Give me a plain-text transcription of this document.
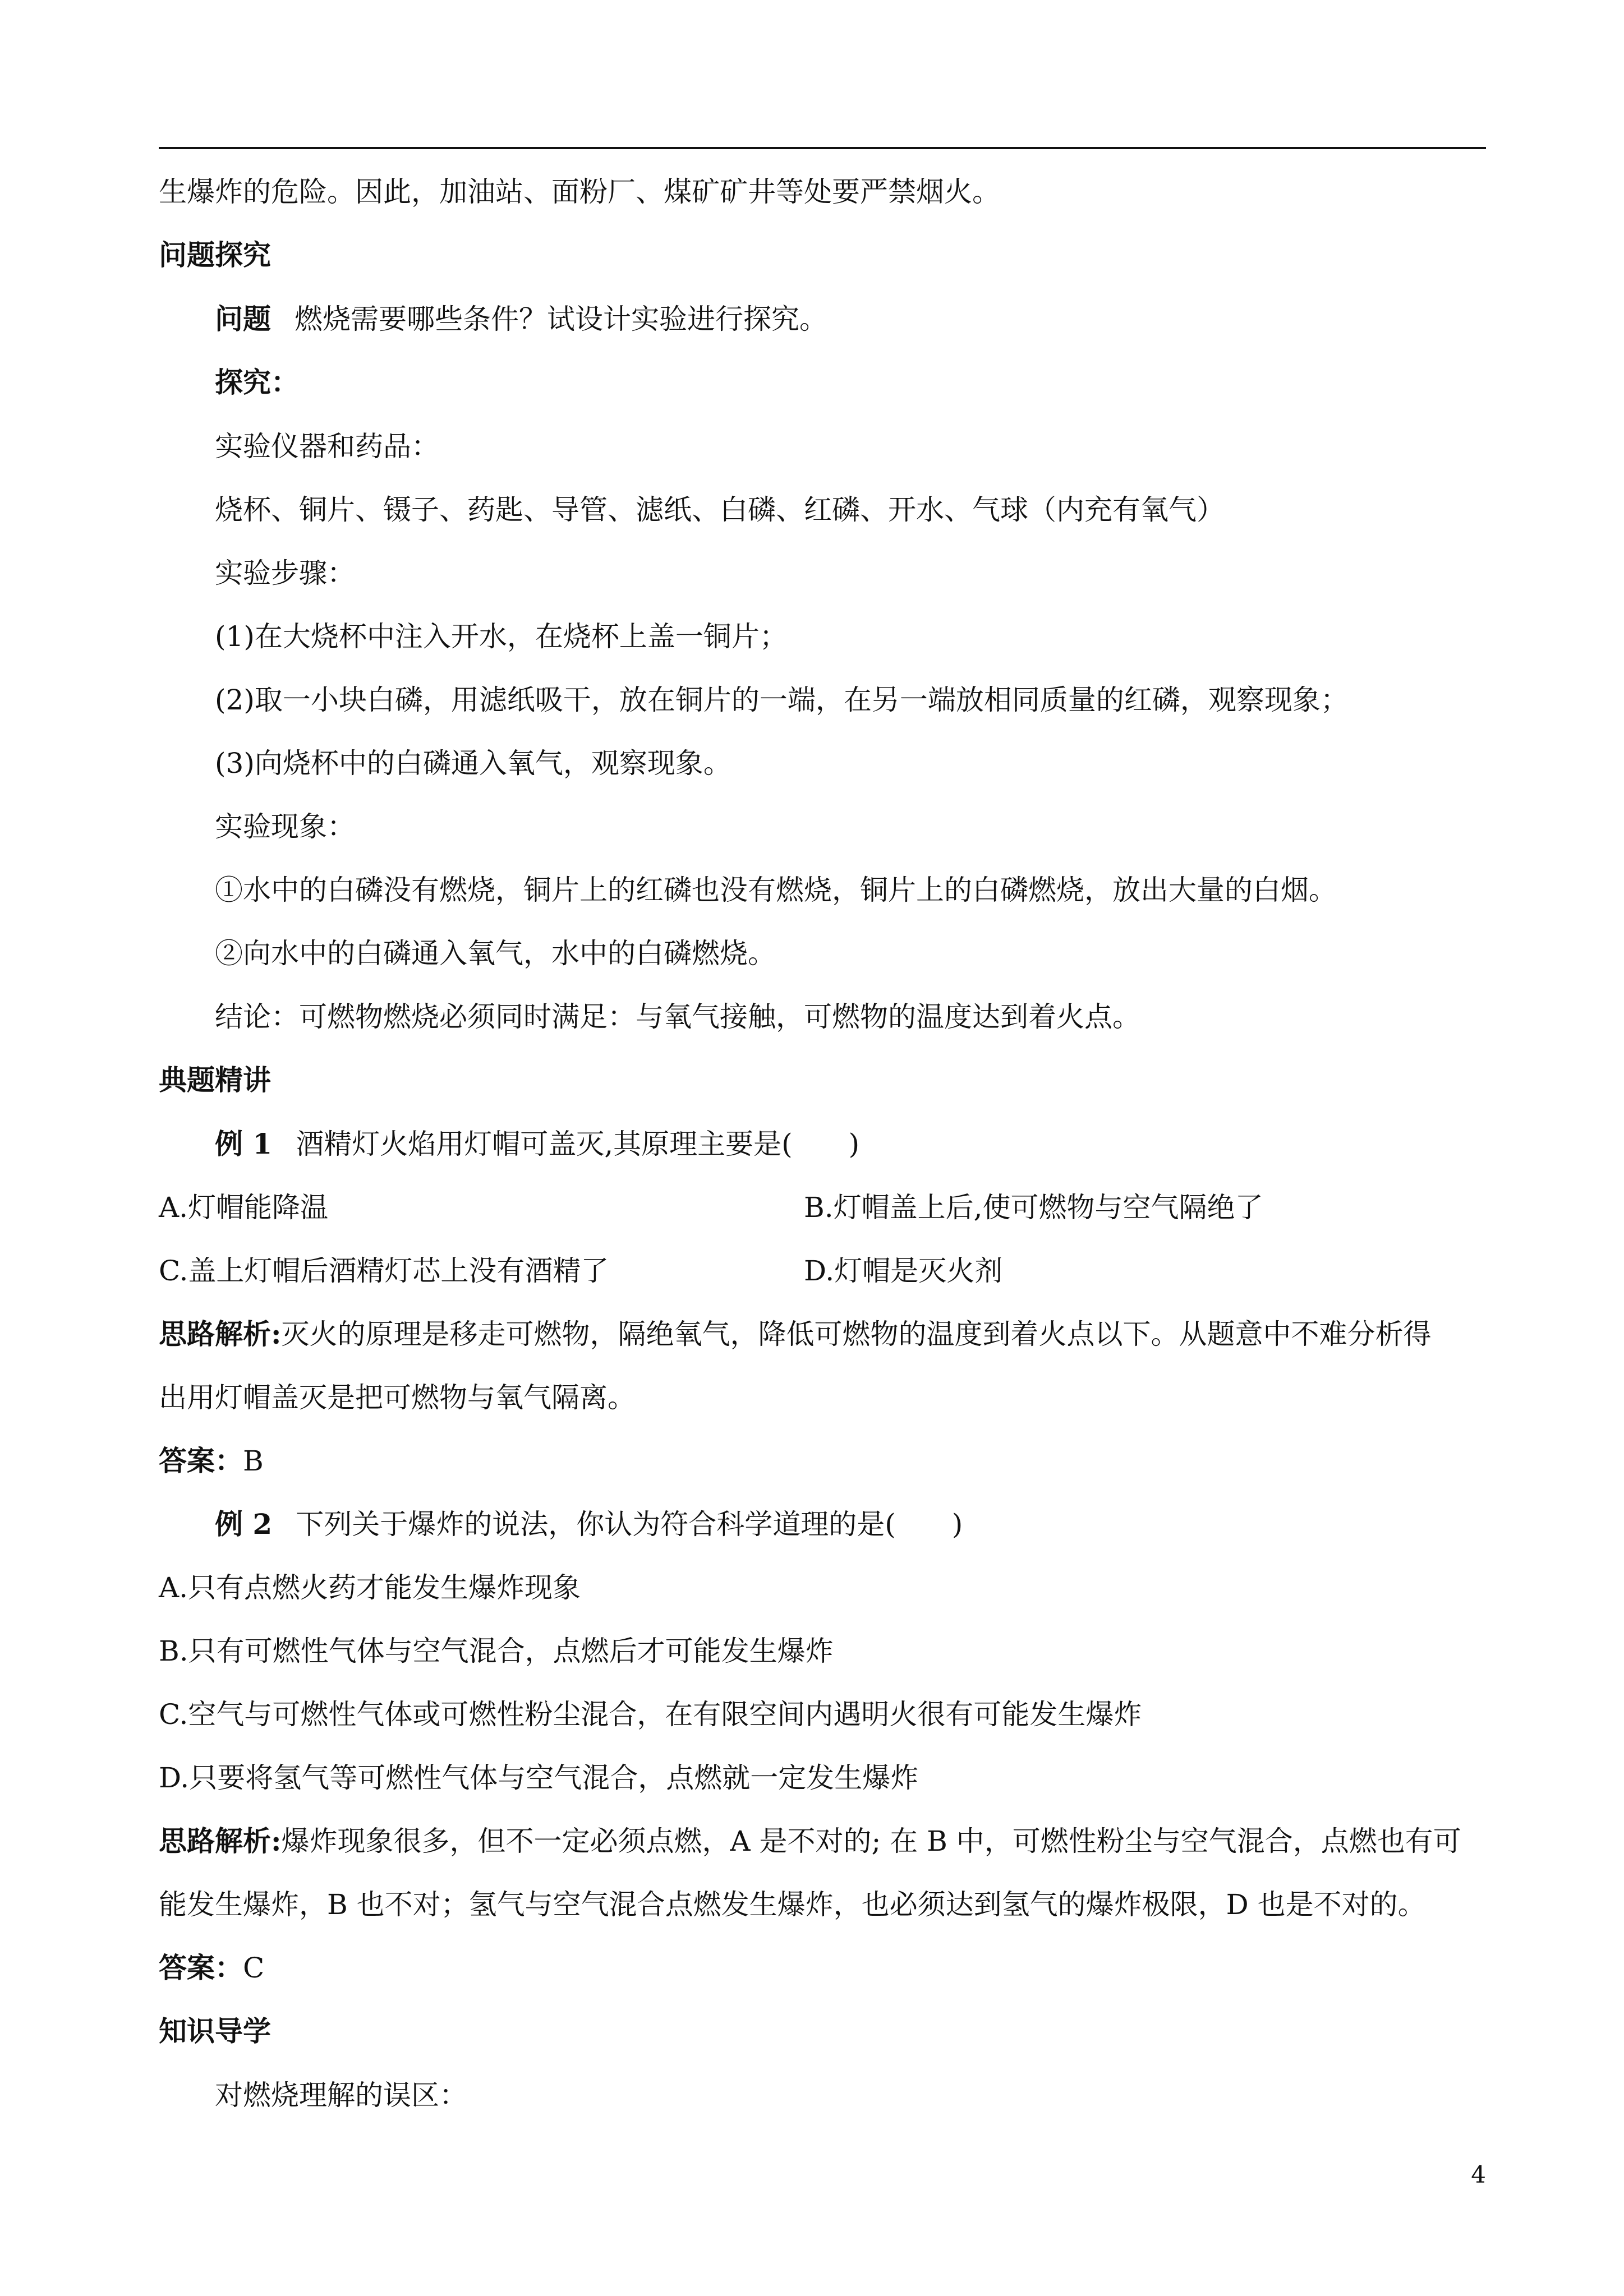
生爆炸的危险。因此，加油站、面粉厂、煤矿矿井等处要严禁烟火。
问题探究
问题 燃烧需要哪些条件？试设计实验进行探究。
探究：
实验仪器和药品：
烧杯、铜片、镊子、药匙、导管、滤纸、白磷、红磷、开水、气球（内充有氧气）
实验步骤：
(1)在大烧杯中注入开水，在烧杯上盖一铜片；
(2)取一小块白磷，用滤纸吸干，放在铜片的一端，在另一端放相同质量的红磷，观察现象；
(3)向烧杯中的白磷通入氧气，观察现象。
实验现象：
①水中的白磷没有燃烧，铜片上的红磷也没有燃烧，铜片上的白磷燃烧，放出大量的白烟。
②向水中的白磷通入氧气，水中的白磷燃烧。
结论：可燃物燃烧必须同时满足：与氧气接触，可燃物的温度达到着火点。
典题精讲
例 1 酒精灯火焰用灯帽可盖灭,其原理主要是(　　)
A.灯帽能降温	B.灯帽盖上后,使可燃物与空气隔绝了
C.盖上灯帽后酒精灯芯上没有酒精了	D.灯帽是灭火剂
思路解析:灭火的原理是移走可燃物，隔绝氧气，降低可燃物的温度到着火点以下。从题意中不难分析得
出用灯帽盖灭是把可燃物与氧气隔离。
答案：B
例 2 下列关于爆炸的说法，你认为符合科学道理的是(　　)
A.只有点燃火药才能发生爆炸现象
B.只有可燃性气体与空气混合，点燃后才可能发生爆炸
C.空气与可燃性气体或可燃性粉尘混合，在有限空间内遇明火很有可能发生爆炸
D.只要将氢气等可燃性气体与空气混合，点燃就一定发生爆炸
思路解析:爆炸现象很多，但不一定必须点燃，A 是不对的; 在 B 中，可燃性粉尘与空气混合，点燃也有可
能发生爆炸，B 也不对；氢气与空气混合点燃发生爆炸，也必须达到氢气的爆炸极限，D 也是不对的。
答案：C
知识导学
对燃烧理解的误区：
4
